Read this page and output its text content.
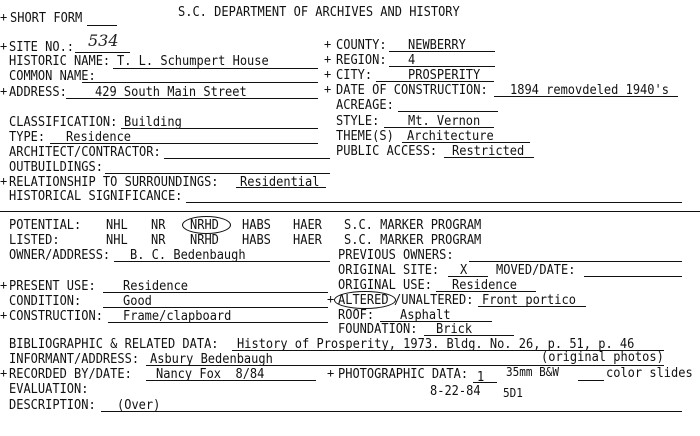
+ SHORT FORM	S.C. DEPARTMENT OF ARCHIVES AND HISTORY
+ SITE NO.: 534
HISTORIC NAME: T. L. Schumpert House
COMMON NAME:
+ ADDRESS: 429 South Main Street
+ COUNTY: NEWBERRY
+ REGION: 4
+ CITY:	PROSPERITY
+ DATE OF CONSTRUCTION: 1894 removdeled 1940's
ACREAGE:
CLASSIFICATION: Building
TYPE: Residence
ARCHITECT/CONTRACTOR:
OUTBUILDINGS:
STYLE: Mt. Vernon
THEME(S) Architecture
PUBLIC ACCESS: Restricted
+ RELATIONSHIP TO SURROUNDINGS: Residential
HISTORICAL SIGNIFICANCE:
POTENTIAL: NHL NR NRHD HABS HAER S.C. MARKER PROGRAM
LISTED:	NHL NR NRHD HABS HAER S.C. MARKER PROGRAM
OWNER/ADDRESS: B. C. Bedenbaugh	PREVIOUS OWNERS:
ORIGINAL SITE: X MOVED/DATE:
+ PRESENT USE: Residence
CONDITION:	Good
+ CONSTRUCTION: Frame/clapboard
ORIGINAL USE: Residence
+ ALTERED /UNALTERED: Front portico
ROOF: Asphalt
FOUNDATION: Brick
BIBLIOGRAPHIC & RELATED DATA: History of Prosperity, 1973. Bldg. No. 26, p. 51, p. 46
INFORMANT/ADDRESS: Asbury Bedenbaugh	(original photos)
+ RECORDED BY/DATE: Nancy Fox  8/84	+ PHOTOGRAPHIC DATA: 1 35mm B&W	color slides
EVALUATION:	8-22-84 5D1
DESCRIPTION: (Over)
